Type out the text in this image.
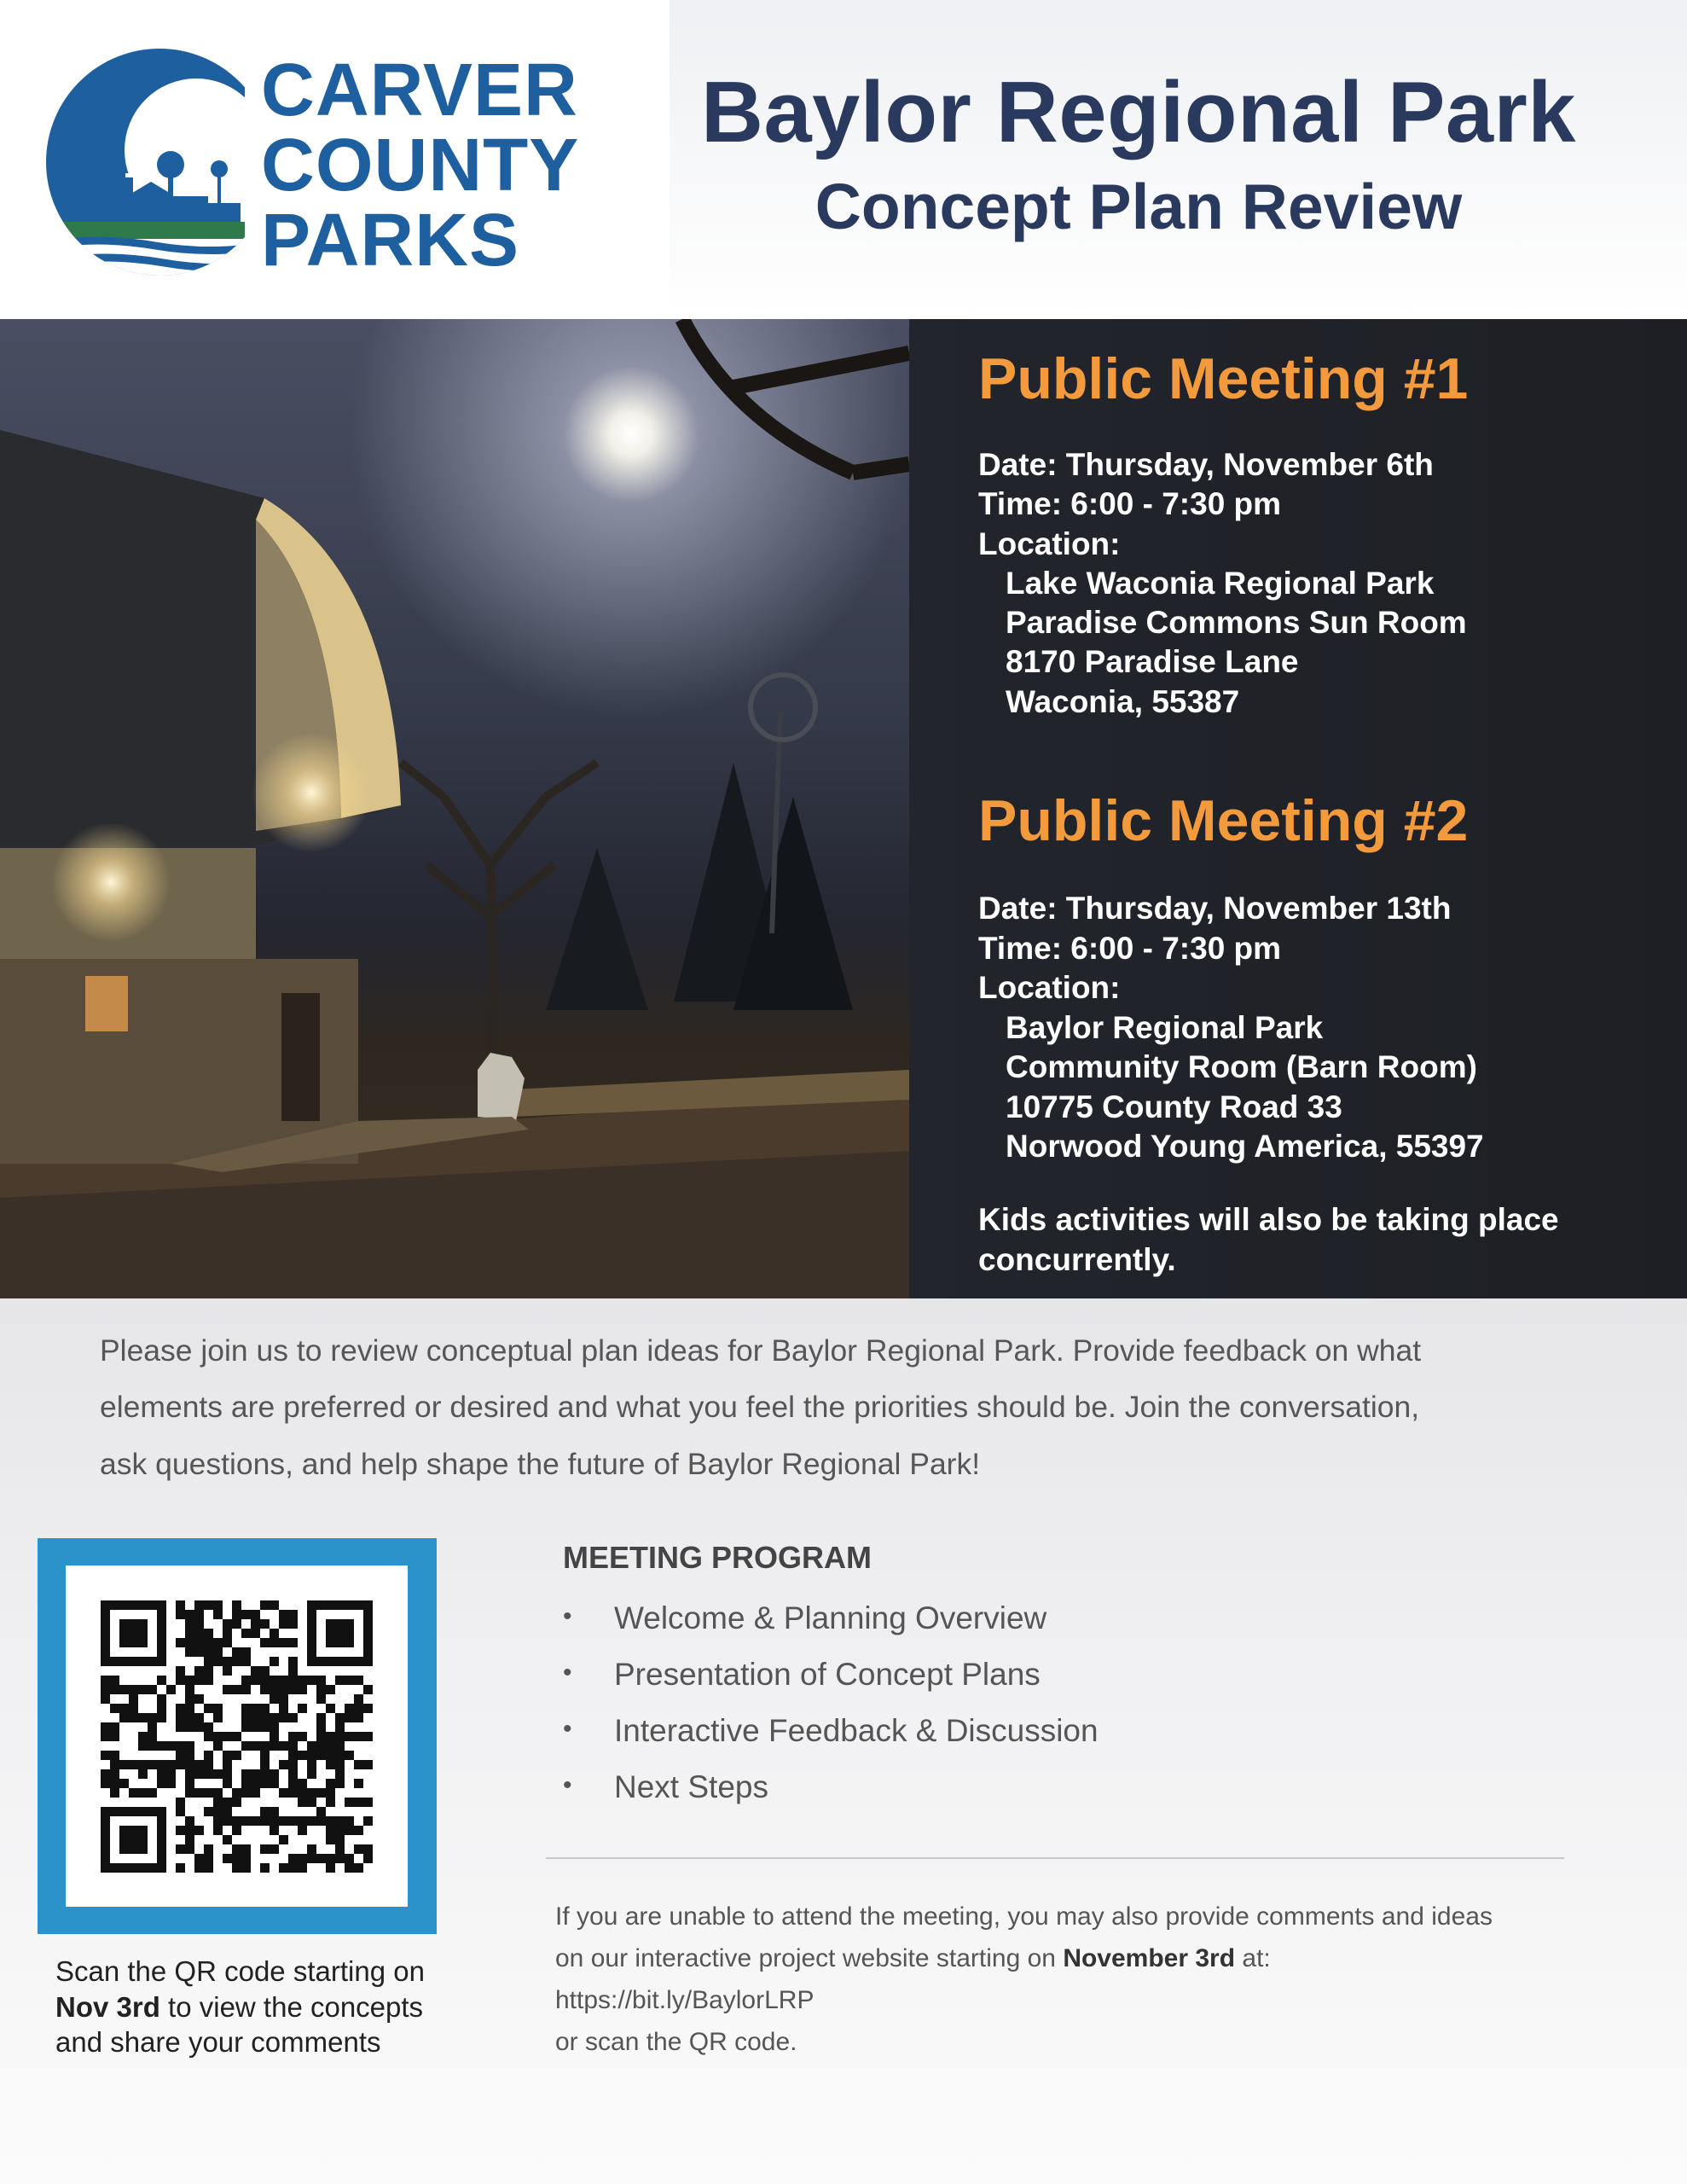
Baylor Regional Park
Concept Plan Review
CARVER
COUNTY
PARKS
Public Meeting #1
Date: Thursday, November 6th
Time: 6:00 - 7:30 pm
Location:
Lake Waconia Regional Park
Paradise Commons Sun Room
8170 Paradise Lane
Waconia, 55387
Public Meeting #2
Date: Thursday, November 13th
Time: 6:00 - 7:30 pm
Location:
Baylor Regional Park
Community Room (Barn Room)
10775 County Road 33
Norwood Young America, 55397
Kids activities will also be taking place
concurrently.
Please join us to review conceptual plan ideas for Baylor Regional Park. Provide feedback on what
elements are preferred or desired and what you feel the priorities should be. Join the conversation,
ask questions, and help shape the future of Baylor Regional Park!
Scan the QR code starting on
Nov 3rd to view the concepts
and share your comments
MEETING PROGRAM
• Welcome & Planning Overview
• Presentation of Concept Plans
• Interactive Feedback & Discussion
• Next Steps
If you are unable to attend the meeting, you may also provide comments and ideas
on our interactive project website starting on November 3rd at:
https://bit.ly/BaylorLRP
or scan the QR code.
